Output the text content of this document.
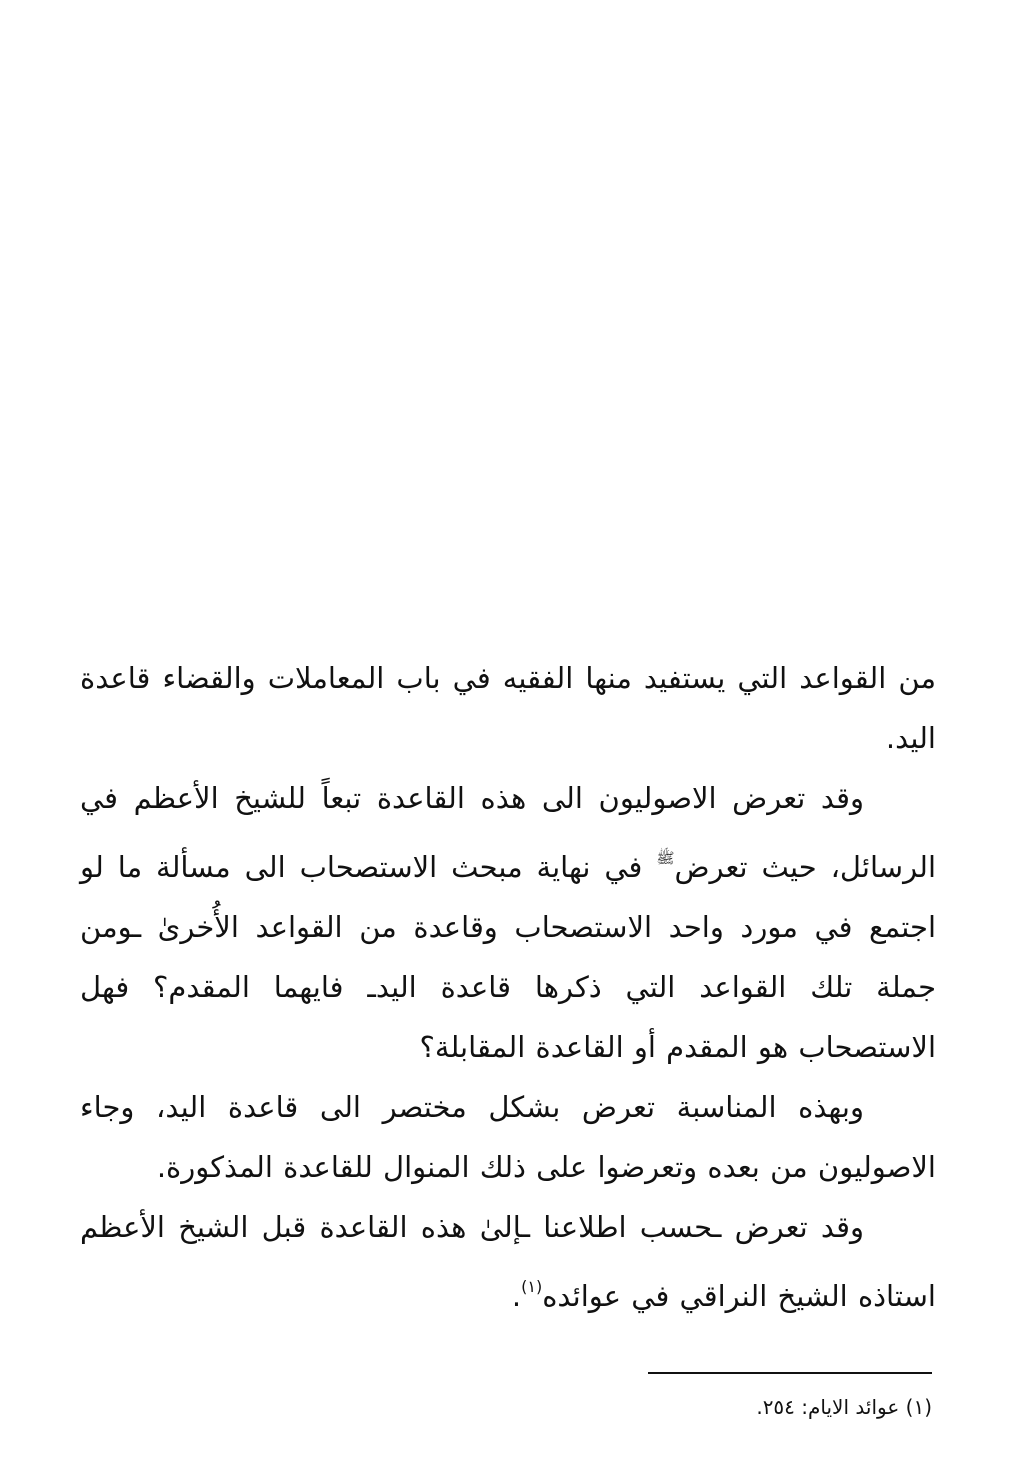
من القواعد التي يستفيد منها الفقيه في باب المعاملات والقضاء قاعدة اليد.

وقد تعرض الاصوليون الى هذه القاعدة تبعاً للشيخ الأعظم في الرسائل، حيث تعرض$^ﷺ$ في نهاية مبحث الاستصحاب الى مسألة ما لو اجتمع في مورد واحد الاستصحاب وقاعدة من القواعد الأُخرىٰ ـومن جملة تلك القواعد التي ذكرها قاعدة اليدـ فايهما المقدم؟ فهل الاستصحاب هو المقدم أو القاعدة المقابلة؟

وبهذه المناسبة تعرض بشكل مختصر الى قاعدة اليد، وجاء الاصوليون من بعده وتعرضوا على ذلك المنوال للقاعدة المذكورة.

وقد تعرض ـحسب اطلاعنا ـإلىٰ هذه القاعدة قبل الشيخ الأعظم استاذه الشيخ النراقي في عوائده$^{(١)}$.

(١) عوائد الايام: ٢٥٤.
